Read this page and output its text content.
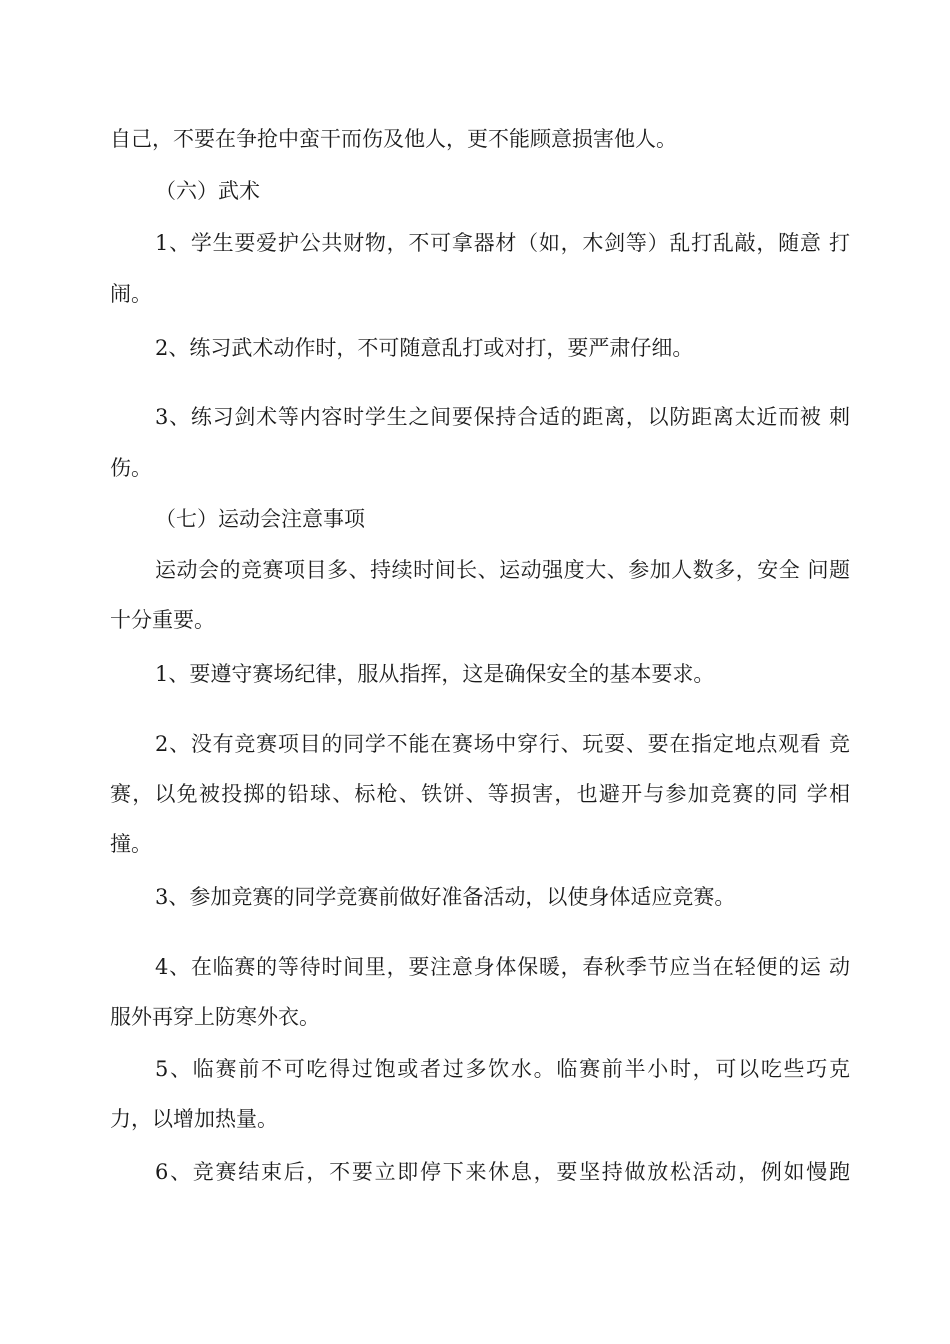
自己，不要在争抢中蛮干而伤及他人，更不能顾意损害他人。
（六）武术
1、学生要爱护公共财物，不可拿器材（如，木剑等）乱打乱敲，随意 打
闹。
2、练习武术动作时，不可随意乱打或对打，要严肃仔细。
3、练习剑术等内容时学生之间要保持合适的距离，以防距离太近而被 刺
伤。
（七）运动会注意事项
运动会的竞赛项目多、持续时间长、运动强度大、参加人数多，安全 问题
十分重要。
1、要遵守赛场纪律，服从指挥，这是确保安全的基本要求。
2、没有竞赛项目的同学不能在赛场中穿行、玩耍、要在指定地点观看 竞
赛，以免被投掷的铅球、标枪、铁饼、等损害，也避开与参加竞赛的同 学相
撞。
3、参加竞赛的同学竞赛前做好准备活动，以使身体适应竞赛。
4、在临赛的等待时间里，要注意身体保暖，春秋季节应当在轻便的运 动
服外再穿上防寒外衣。
5、临赛前不可吃得过饱或者过多饮水。临赛前半小时，可以吃些巧克
力，以增加热量。
6、竞赛结束后，不要立即停下来休息，要坚持做放松活动，例如慢跑
